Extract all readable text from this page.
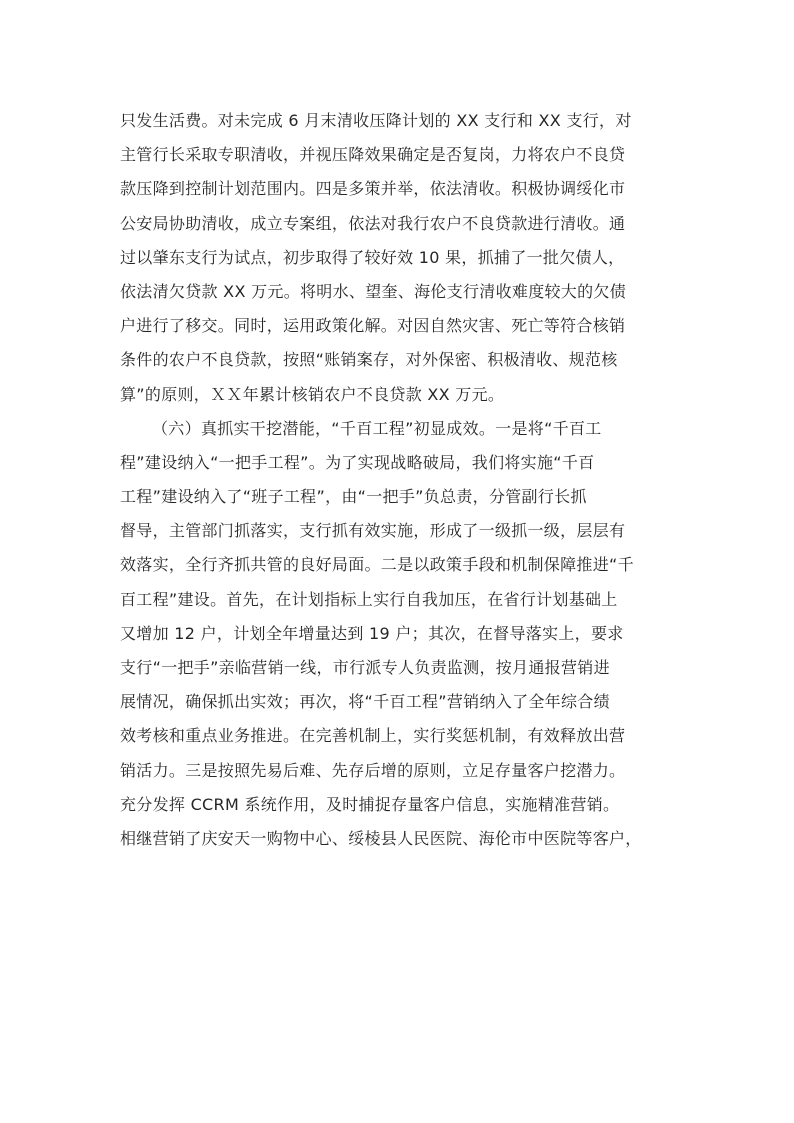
只发生活费。对未完成 6 月末清收压降计划的 XX 支行和 XX 支行，对
主管行长采取专职清收，并视压降效果确定是否复岗，力将农户不良贷
款压降到控制计划范围内。四是多策并举，依法清收。积极协调绥化市
公安局协助清收，成立专案组，依法对我行农户不良贷款进行清收。通
过以肇东支行为试点，初步取得了较好效 10 果，抓捕了一批欠债人，
依法清欠贷款 XX 万元。将明水、望奎、海伦支行清收难度较大的欠债
户进行了移交。同时，运用政策化解。对因自然灾害、死亡等符合核销
条件的农户不良贷款，按照“账销案存，对外保密、积极清收、规范核
算”的原则，ＸＸ年累计核销农户不良贷款 XX 万元。
（六）真抓实干挖潜能，“千百工程”初显成效。一是将“千百工
程”建设纳入“一把手工程”。为了实现战略破局，我们将实施“千百
工程”建设纳入了“班子工程”，由“一把手”负总责，分管副行长抓
督导，主管部门抓落实，支行抓有效实施，形成了一级抓一级，层层有
效落实，全行齐抓共管的良好局面。二是以政策手段和机制保障推进“千
百工程”建设。首先，在计划指标上实行自我加压，在省行计划基础上
又增加 12 户，计划全年增量达到 19 户；其次，在督导落实上，要求
支行“一把手”亲临营销一线，市行派专人负责监测，按月通报营销进
展情况，确保抓出实效；再次，将“千百工程”营销纳入了全年综合绩
效考核和重点业务推进。在完善机制上，实行奖惩机制，有效释放出营
销活力。三是按照先易后难、先存后增的原则，立足存量客户挖潜力。
充分发挥 CCRM 系统作用，及时捕捉存量客户信息，实施精准营销。
相继营销了庆安天一购物中心、绥棱县人民医院、海伦市中医院等客户，
